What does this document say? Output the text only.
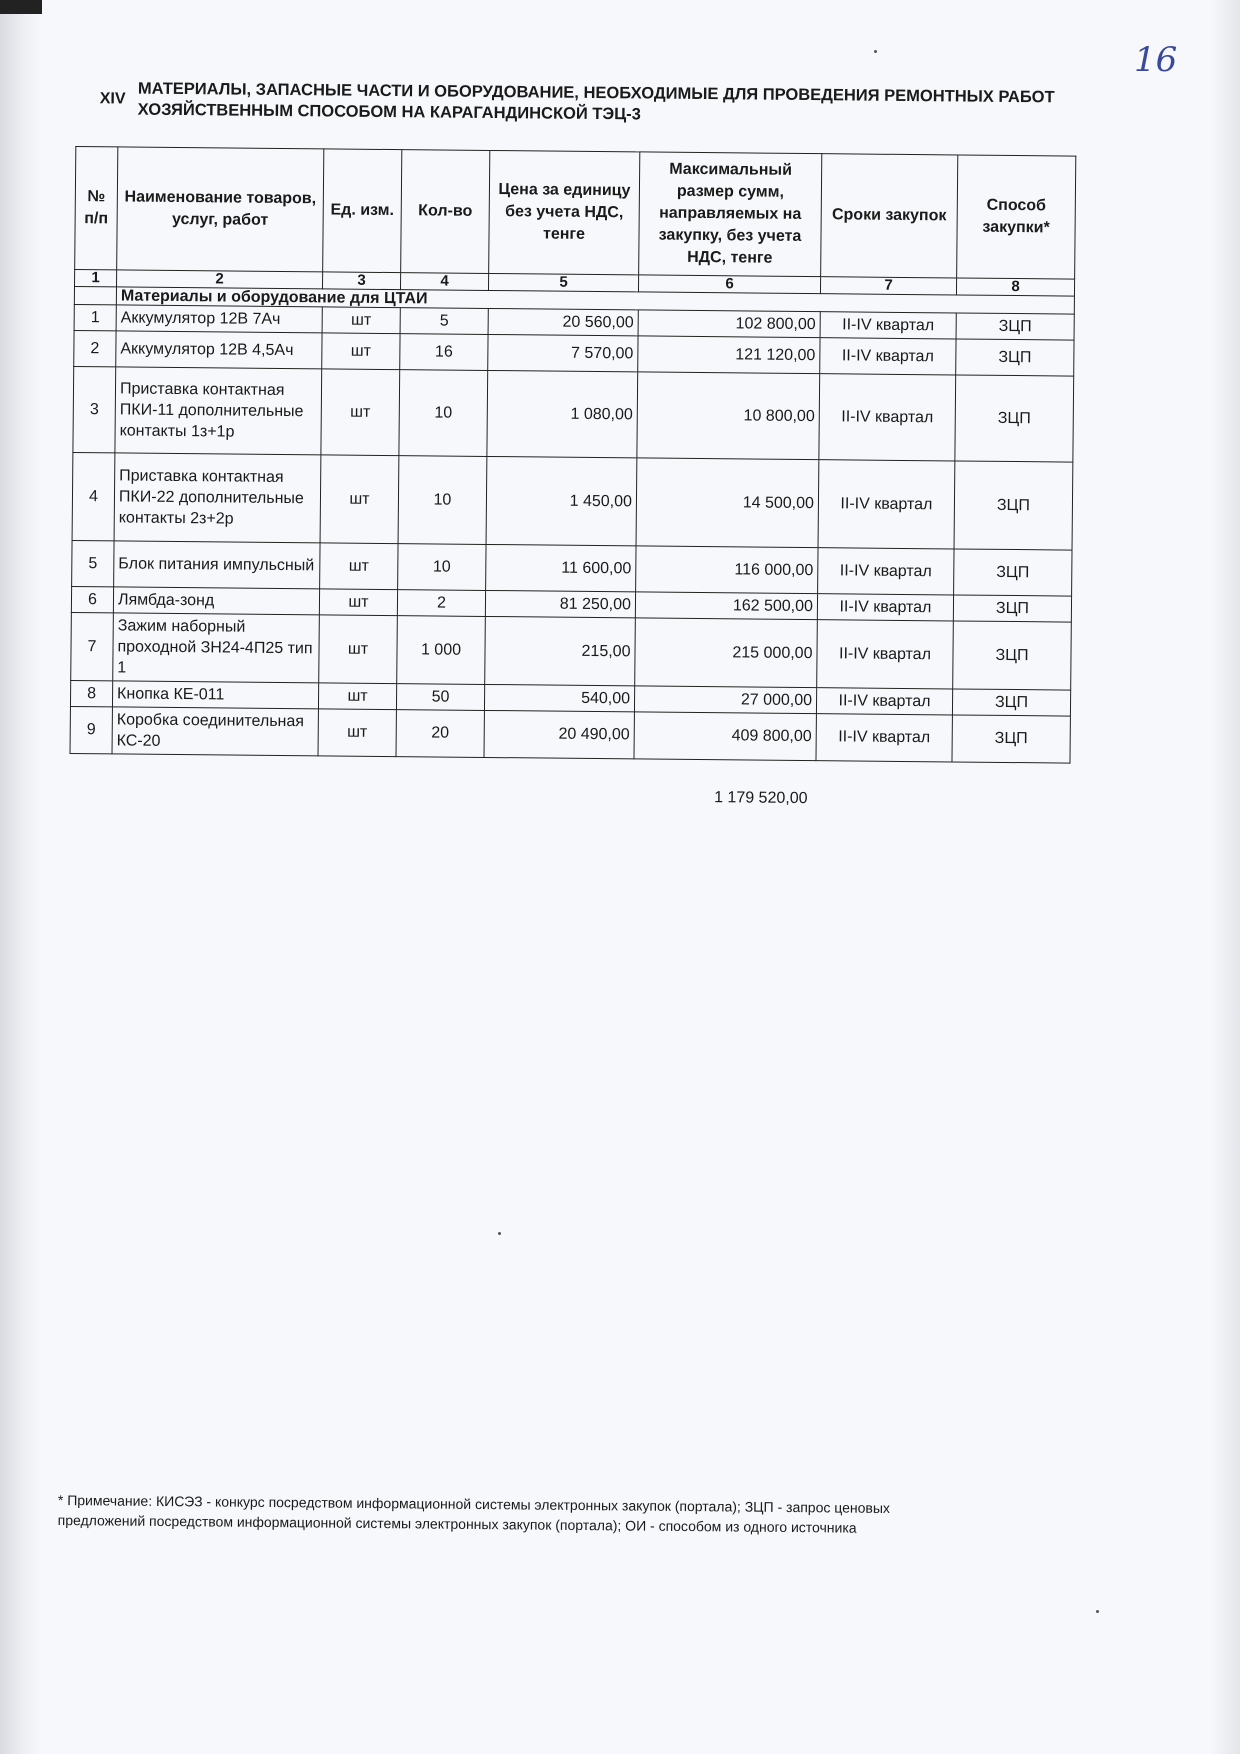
16
XIV МАТЕРИАЛЫ, ЗАПАСНЫЕ ЧАСТИ И ОБОРУДОВАНИЕ, НЕОБХОДИМЫЕ ДЛЯ ПРОВЕДЕНИЯ РЕМОНТНЫХ РАБОТ ХОЗЯЙСТВЕННЫМ СПОСОБОМ НА КАРАГАНДИНСКОЙ ТЭЦ-3
№ п/п	Наименование товаров, услуг, работ	Ед. изм.	Кол-во	Цена за единицу без учета НДС, тенге	Максимальный размер сумм, направляемых на закупку, без учета НДС, тенге	Сроки закупок	Способ закупки*
1	2	3	4	5	6	7	8
	Материалы и оборудование для ЦТАИ						
1	Аккумулятор 12В 7Ач	шт	5	20 560,00	102 800,00	II-IV квартал	ЗЦП
2	Аккумулятор 12В 4,5Ач	шт	16	7 570,00	121 120,00	II-IV квартал	ЗЦП
3	Приставка контактная ПКИ-11 дополнительные контакты 1з+1р	шт	10	1 080,00	10 800,00	II-IV квартал	ЗЦП
4	Приставка контактная ПКИ-22 дополнительные контакты 2з+2р	шт	10	1 450,00	14 500,00	II-IV квартал	ЗЦП
5	Блок питания импульсный	шт	10	11 600,00	116 000,00	II-IV квартал	ЗЦП
6	Лямбда-зонд	шт	2	81 250,00	162 500,00	II-IV квартал	ЗЦП
7	Зажим наборный проходной ЗН24-4П25 тип 1	шт	1 000	215,00	215 000,00	II-IV квартал	ЗЦП
8	Кнопка КЕ-011	шт	50	540,00	27 000,00	II-IV квартал	ЗЦП
9	Коробка соединительная КС-20	шт	20	20 490,00	409 800,00	II-IV квартал	ЗЦП
1 179 520,00
* Примечание: КИСЭЗ - конкурс посредством информационной системы электронных закупок (портала); ЗЦП - запрос ценовых предложений посредством информационной системы электронных закупок (портала); ОИ - способом из одного источника
